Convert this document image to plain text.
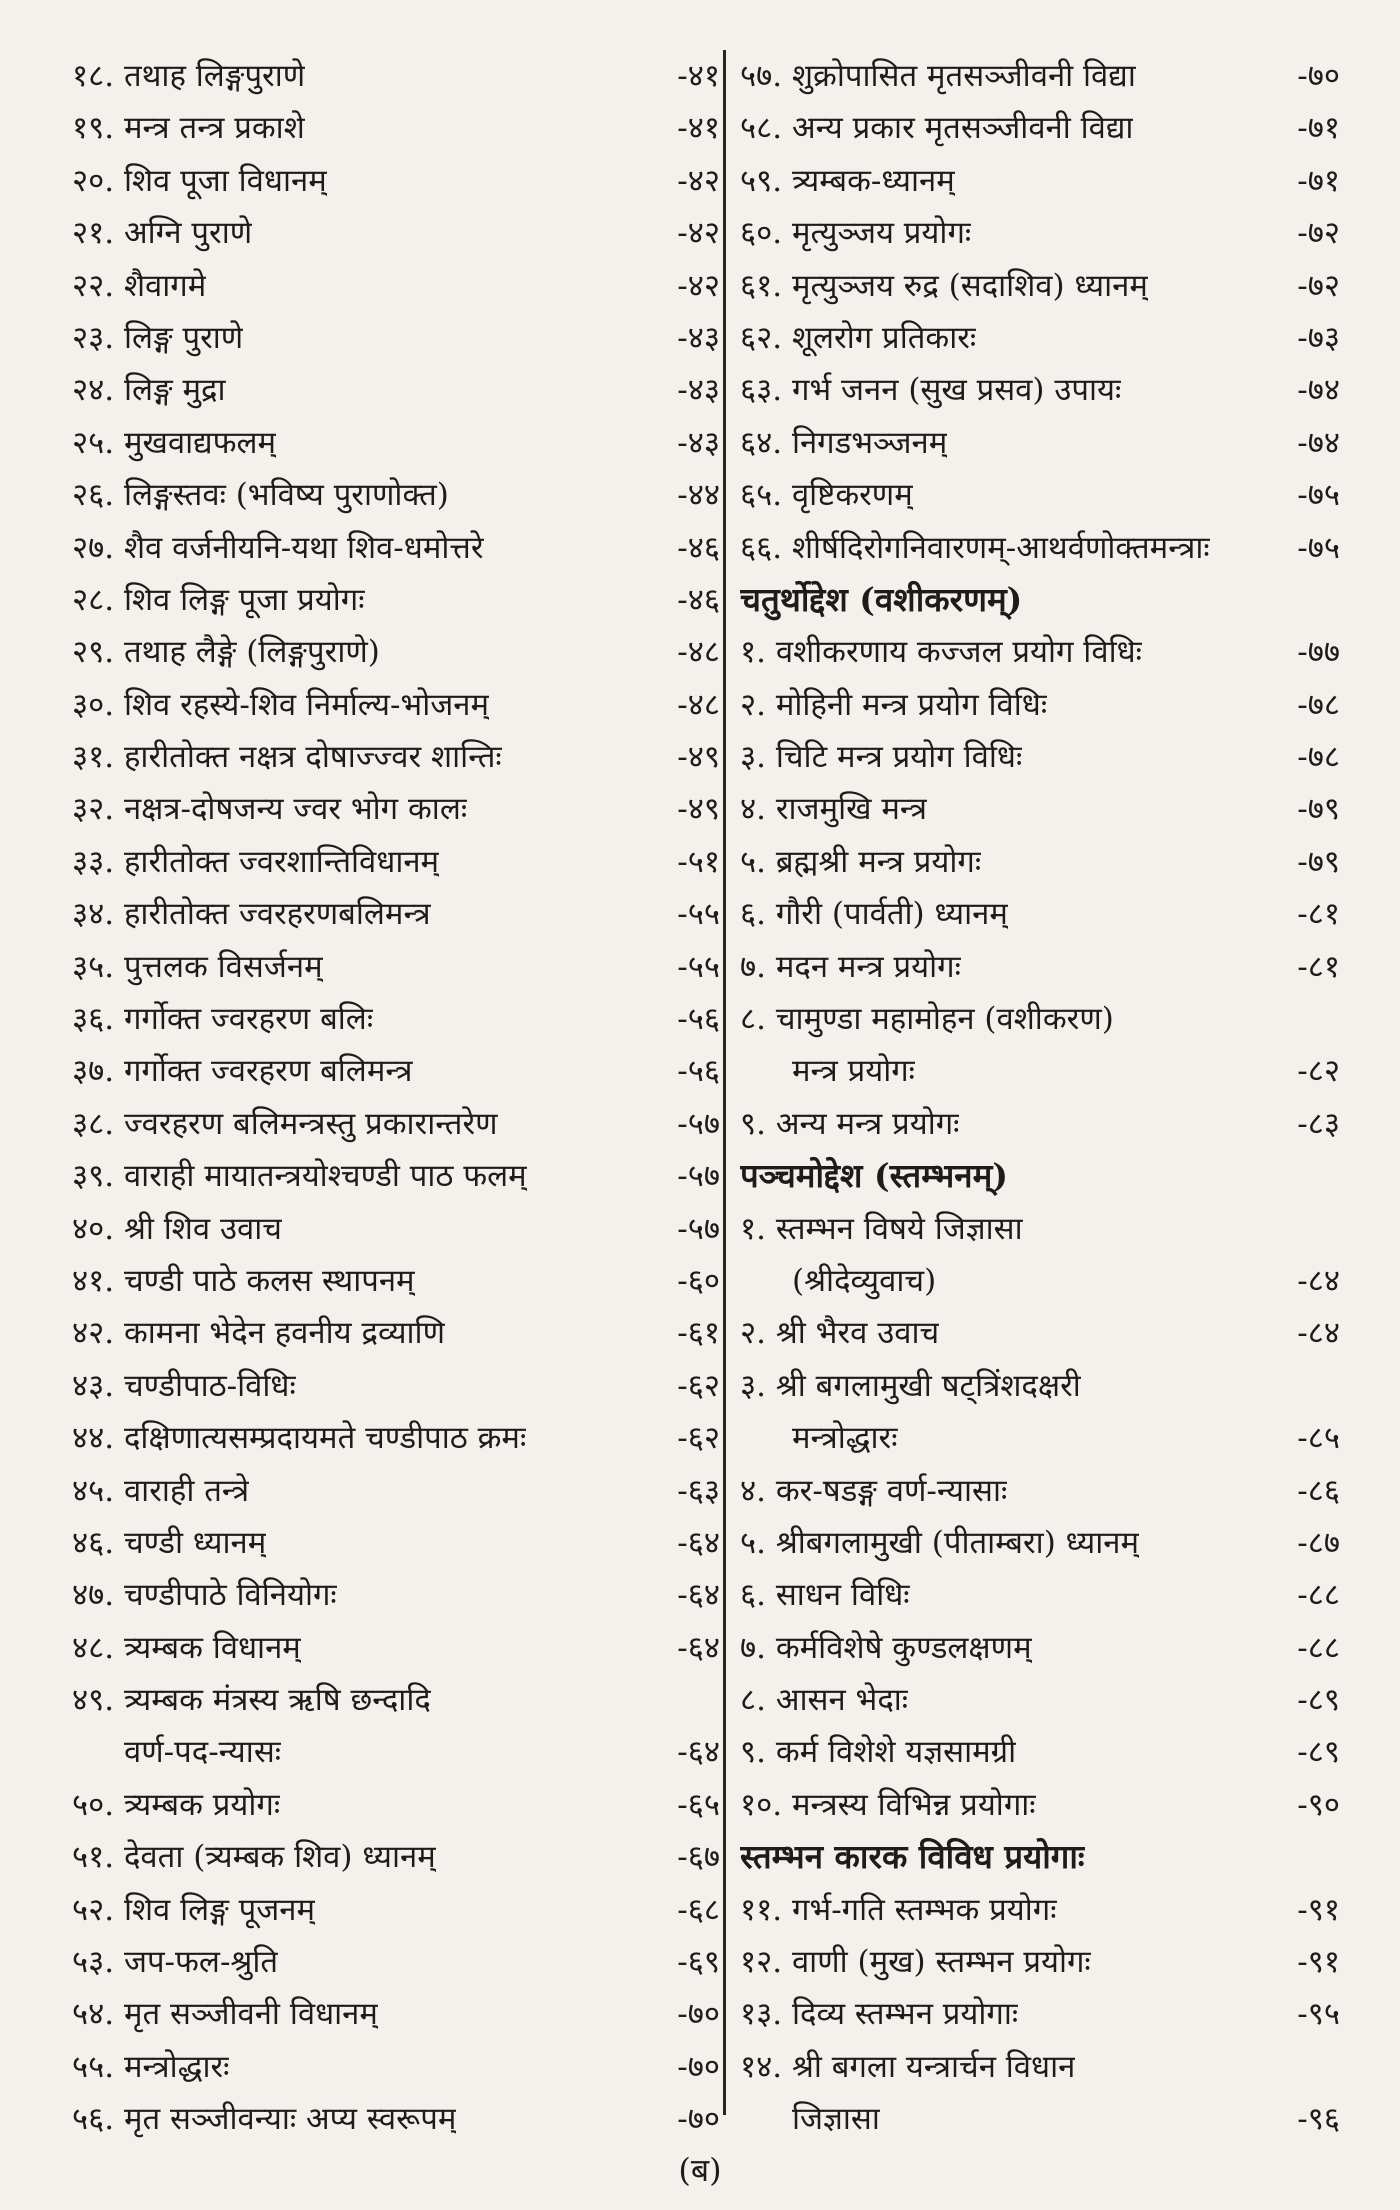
१८. तथाह लिङ्गपुराणे	-४१
१९. मन्त्र तन्त्र प्रकाशे	-४१
२०. शिव पूजा विधानम्	-४२
२१. अग्नि पुराणे	-४२
२२. शैवागमे	-४२
२३. लिङ्ग पुराणे	-४३
२४. लिङ्ग मुद्रा	-४३
२५. मुखवाद्यफलम्	-४३
२६. लिङ्गस्तवः (भविष्य पुराणोक्त)	-४४
२७. शैव वर्जनीयनि-यथा शिव-धमोत्तरे	-४६
२८. शिव लिङ्ग पूजा प्रयोगः	-४६
२९. तथाह लैङ्गे (लिङ्गपुराणे)	-४८
३०. शिव रहस्ये-शिव निर्माल्य-भोजनम्	-४८
३१. हारीतोक्त नक्षत्र दोषाज्ज्वर शान्तिः	-४९
३२. नक्षत्र-दोषजन्य ज्वर भोग कालः	-४९
३३. हारीतोक्त ज्वरशान्तिविधानम्	-५१
३४. हारीतोक्त ज्वरहरणबलिमन्त्र	-५५
३५. पुत्तलक विसर्जनम्	-५५
३६. गर्गोक्त ज्वरहरण बलिः	-५६
३७. गर्गोक्त ज्वरहरण बलिमन्त्र	-५६
३८. ज्वरहरण बलिमन्त्रस्तु प्रकारान्तरेण	-५७
३९. वाराही मायातन्त्रयोश्चण्डी पाठ फलम्	-५७
४०. श्री शिव उवाच	-५७
४१. चण्डी पाठे कलस स्थापनम्	-६०
४२. कामना भेदेन हवनीय द्रव्याणि	-६१
४३. चण्डीपाठ-विधिः	-६२
४४. दक्षिणात्यसम्प्रदायमते चण्डीपाठ क्रमः	-६२
४५. वाराही तन्त्रे	-६३
४६. चण्डी ध्यानम्	-६४
४७. चण्डीपाठे विनियोगः	-६४
४८. त्र्यम्बक विधानम्	-६४
४९. त्र्यम्बक मंत्रस्य ऋषि छन्दादि
वर्ण-पद-न्यासः	-६४
५०. त्र्यम्बक प्रयोगः	-६५
५१. देवता (त्र्यम्बक शिव) ध्यानम्	-६७
५२. शिव लिङ्ग पूजनम्	-६८
५३. जप-फल-श्रुति	-६९
५४. मृत सञ्जीवनी विधानम्	-७०
५५. मन्त्रोद्धारः	-७०
५६. मृत सञ्जीवन्याः अप्य स्वरूपम्	-७०
५७. शुक्रोपासित मृतसञ्जीवनी विद्या	-७०
५८. अन्य प्रकार मृतसञ्जीवनी विद्या	-७१
५९. त्र्यम्बक-ध्यानम्	-७१
६०. मृत्युञ्जय प्रयोगः	-७२
६१. मृत्युञ्जय रुद्र (सदाशिव) ध्यानम्	-७२
६२. शूलरोग प्रतिकारः	-७३
६३. गर्भ जनन (सुख प्रसव) उपायः	-७४
६४. निगडभञ्जनम्	-७४
६५. वृष्टिकरणम्	-७५
६६. शीर्षदिरोगनिवारणम्-आथर्वणोक्तमन्त्राः	-७५
चतुर्थोद्देश (वशीकरणम्)
१. वशीकरणाय कज्जल प्रयोग विधिः	-७७
२. मोहिनी मन्त्र प्रयोग विधिः	-७८
३. चिटि मन्त्र प्रयोग विधिः	-७८
४. राजमुखि मन्त्र	-७९
५. ब्रह्मश्री मन्त्र प्रयोगः	-७९
६. गौरी (पार्वती) ध्यानम्	-८१
७. मदन मन्त्र प्रयोगः	-८१
८. चामुण्डा महामोहन (वशीकरण)
मन्त्र प्रयोगः	-८२
९. अन्य मन्त्र प्रयोगः	-८३
पञ्चमोद्देश (स्तम्भनम्)
१. स्तम्भन विषये जिज्ञासा
(श्रीदेव्युवाच)	-८४
२. श्री भैरव उवाच	-८४
३. श्री बगलामुखी षट्त्रिंशदक्षरी
मन्त्रोद्धारः	-८५
४. कर-षडङ्ग वर्ण-न्यासाः	-८६
५. श्रीबगलामुखी (पीताम्बरा) ध्यानम्	-८७
६. साधन विधिः	-८८
७. कर्मविशेषे कुण्डलक्षणम्	-८८
८. आसन भेदाः	-८९
९. कर्म विशेशे यज्ञसामग्री	-८९
१०. मन्त्रस्य विभिन्न प्रयोगाः	-९०
स्तम्भन कारक विविध प्रयोगाः
११. गर्भ-गति स्तम्भक प्रयोगः	-९१
१२. वाणी (मुख) स्तम्भन प्रयोगः	-९१
१३. दिव्य स्तम्भन प्रयोगाः	-९५
१४. श्री बगला यन्त्रार्चन विधान
जिज्ञासा	-९६
(ब)
